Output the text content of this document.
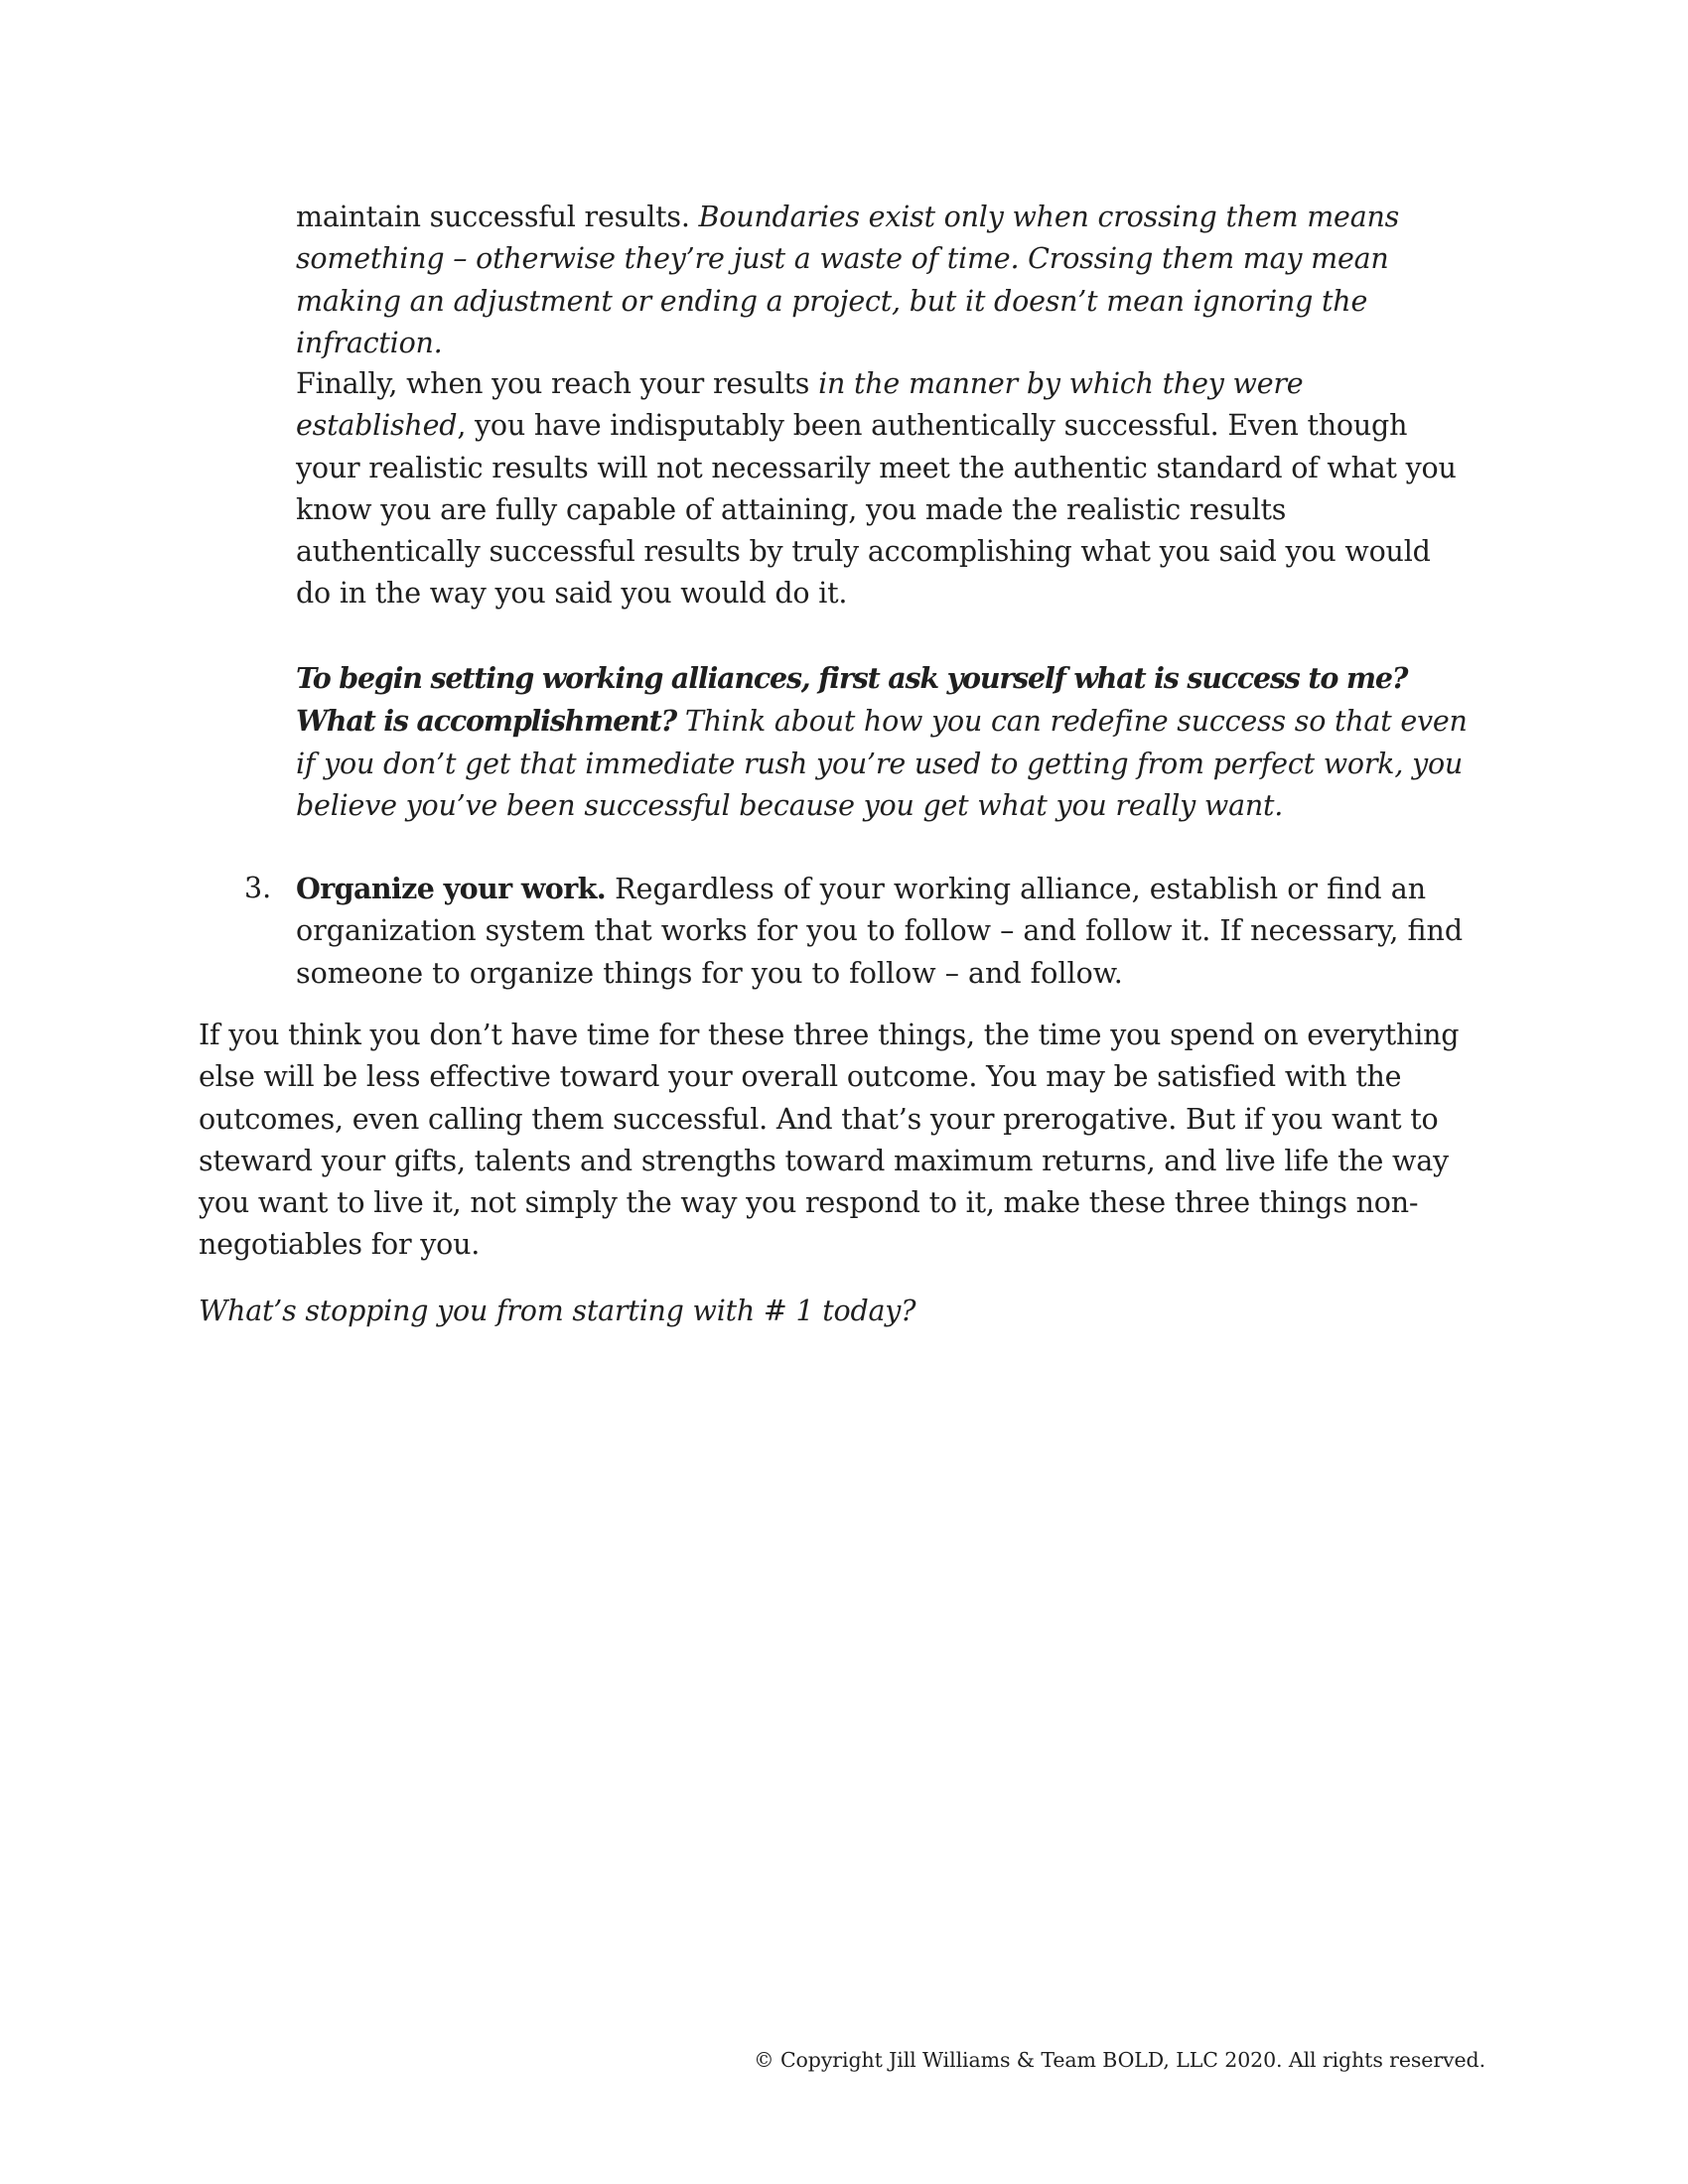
maintain successful results. Boundaries exist only when crossing them means something – otherwise they’re just a waste of time. Crossing them may mean making an adjustment or ending a project, but it doesn’t mean ignoring the infraction.

Finally, when you reach your results in the manner by which they were established, you have indisputably been authentically successful. Even though your realistic results will not necessarily meet the authentic standard of what you know you are fully capable of attaining, you made the realistic results authentically successful results by truly accomplishing what you said you would do in the way you said you would do it.

To begin setting working alliances, first ask yourself what is success to me? What is accomplishment? Think about how you can redefine success so that even if you don’t get that immediate rush you’re used to getting from perfect work, you believe you’ve been successful because you get what you really want.

3. Organize your work. Regardless of your working alliance, establish or find an organization system that works for you to follow – and follow it. If necessary, find someone to organize things for you to follow – and follow.

If you think you don’t have time for these three things, the time you spend on everything else will be less effective toward your overall outcome. You may be satisfied with the outcomes, even calling them successful. And that’s your prerogative. But if you want to steward your gifts, talents and strengths toward maximum returns, and live life the way you want to live it, not simply the way you respond to it, make these three things non-negotiables for you.

What’s stopping you from starting with # 1 today?

© Copyright Jill Williams & Team BOLD, LLC 2020. All rights reserved.
